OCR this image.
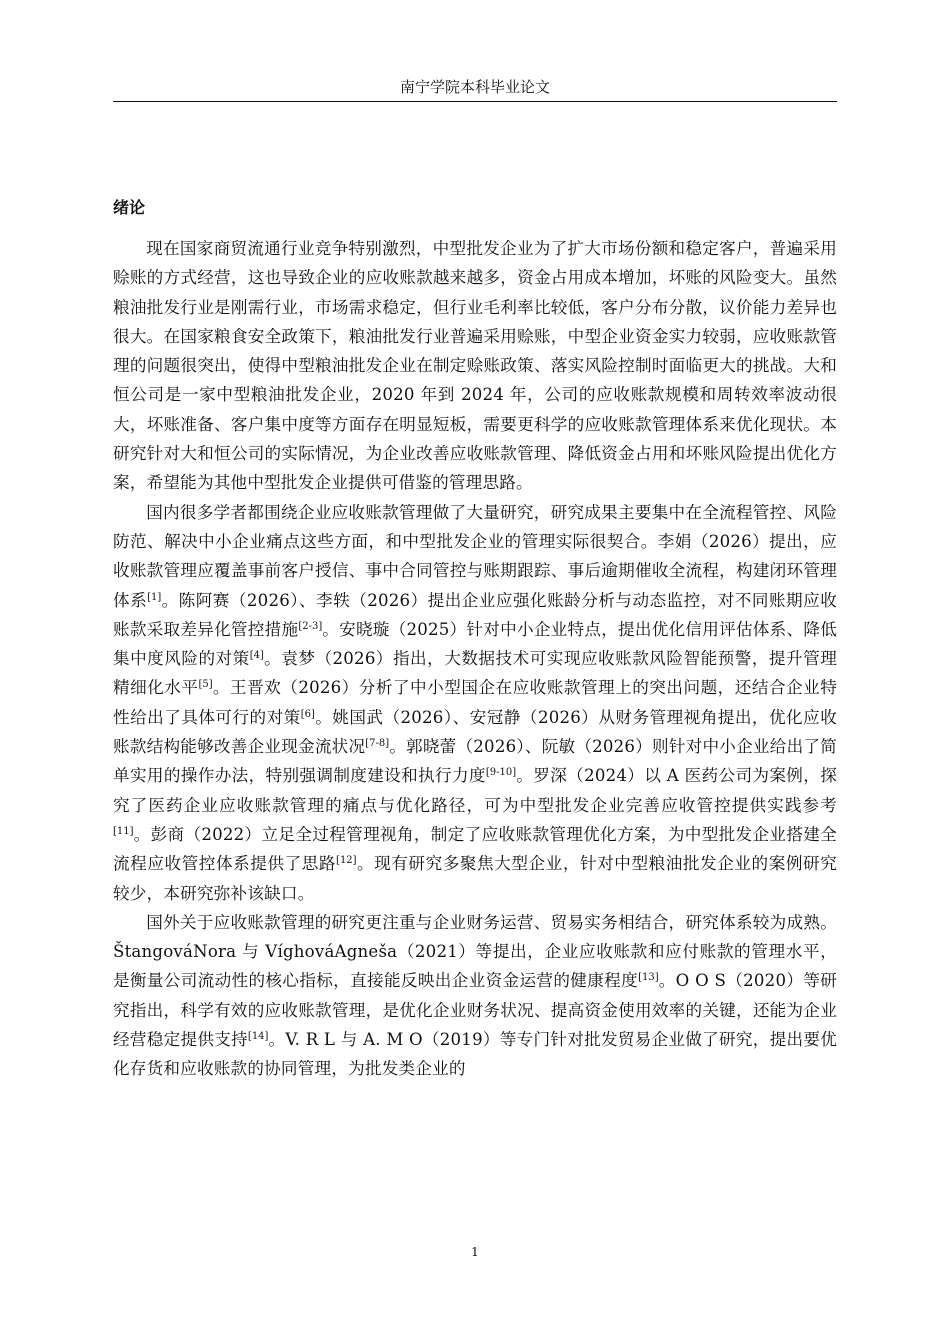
南宁学院本科毕业论文
绪论

现在国家商贸流通行业竞争特别激烈，中型批发企业为了扩大市场份额和稳定客户，普遍采用赊账的方式经营，这也导致企业的应收账款越来越多，资金占用成本增加，坏账的风险变大。虽然粮油批发行业是刚需行业，市场需求稳定，但行业毛利率比较低，客户分布分散，议价能力差异也很大。在国家粮食安全政策下，粮油批发行业普遍采用赊账，中型企业资金实力较弱，应收账款管理的问题很突出，使得中型粮油批发企业在制定赊账政策、落实风险控制时面临更大的挑战。大和恒公司是一家中型粮油批发企业，2020 年到 2024 年，公司的应收账款规模和周转效率波动很大，坏账准备、客户集中度等方面存在明显短板，需要更科学的应收账款管理体系来优化现状。本研究针对大和恒公司的实际情况，为企业改善应收账款管理、降低资金占用和坏账风险提出优化方案，希望能为其他中型批发企业提供可借鉴的管理思路。

国内很多学者都围绕企业应收账款管理做了大量研究，研究成果主要集中在全流程管控、风险防范、解决中小企业痛点这些方面，和中型批发企业的管理实际很契合。李娟（2026）提出，应收账款管理应覆盖事前客户授信、事中合同管控与账期跟踪、事后逾期催收全流程，构建闭环管理体系[1]。陈阿赛（2026）、李轶（2026）提出企业应强化账龄分析与动态监控，对不同账期应收账款采取差异化管控措施[2-3]。安晓璇（2025）针对中小企业特点，提出优化信用评估体系、降低集中度风险的对策[4]。袁梦（2026）指出，大数据技术可实现应收账款风险智能预警，提升管理精细化水平[5]。王晋欢（2026）分析了中小型国企在应收账款管理上的突出问题，还结合企业特性给出了具体可行的对策[6]。姚国武（2026）、安冠静（2026）从财务管理视角提出，优化应收账款结构能够改善企业现金流状况[7-8]。郭晓蕾（2026）、阮敏（2026）则针对中小企业给出了简单实用的操作办法，特别强调制度建设和执行力度[9-10]。罗深（2024）以 A 医药公司为案例，探究了医药企业应收账款管理的痛点与优化路径，可为中型批发企业完善应收管控提供实践参考[11]。彭商（2022）立足全过程管理视角，制定了应收账款管理优化方案，为中型批发企业搭建全流程应收管控体系提供了思路[12]。现有研究多聚焦大型企业，针对中型粮油批发企业的案例研究较少，本研究弥补该缺口。

国外关于应收账款管理的研究更注重与企业财务运营、贸易实务相结合，研究体系较为成熟。ŠtangováNora 与 VíghováAgneša（2021）等提出，企业应收账款和应付账款的管理水平，是衡量公司流动性的核心指标，直接能反映出企业资金运营的健康程度[13]。O O S（2020）等研究指出，科学有效的应收账款管理，是优化企业财务状况、提高资金使用效率的关键，还能为企业经营稳定提供支持[14]。V. R L 与 A. M O（2019）等专门针对批发贸易企业做了研究，提出要优化存货和应收账款的协同管理，为批发类企业的

1
